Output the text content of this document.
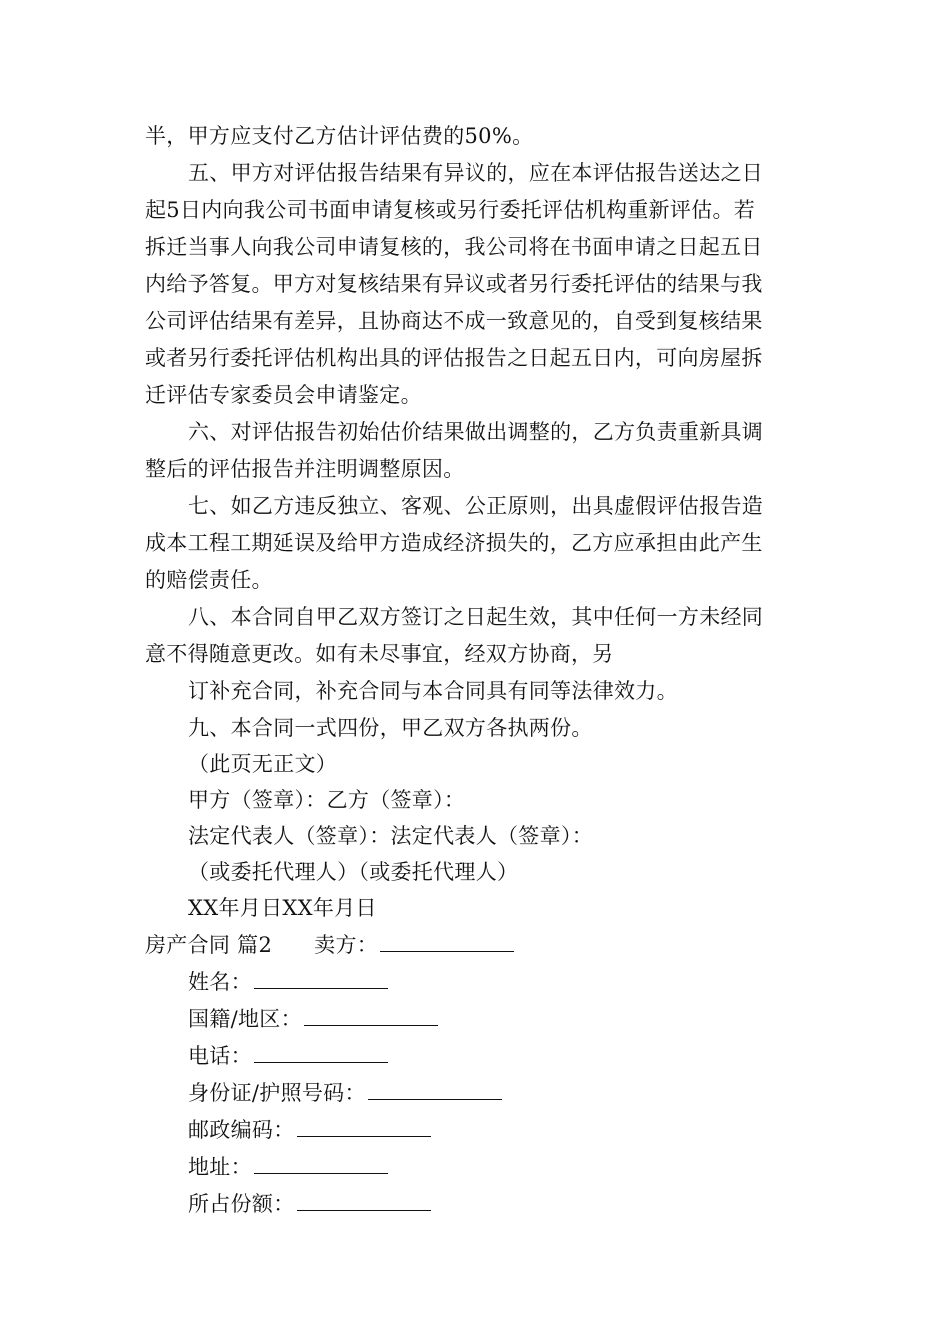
半，甲方应支付乙方估计评估费的50%。
五、甲方对评估报告结果有异议的，应在本评估报告送达之日
起5日内向我公司书面申请复核或另行委托评估机构重新评估。若
拆迁当事人向我公司申请复核的，我公司将在书面申请之日起五日
内给予答复。甲方对复核结果有异议或者另行委托评估的结果与我
公司评估结果有差异，且协商达不成一致意见的，自受到复核结果
或者另行委托评估机构出具的评估报告之日起五日内，可向房屋拆
迁评估专家委员会申请鉴定。
六、对评估报告初始估价结果做出调整的，乙方负责重新具调
整后的评估报告并注明调整原因。
七、如乙方违反独立、客观、公正原则，出具虚假评估报告造
成本工程工期延误及给甲方造成经济损失的，乙方应承担由此产生
的赔偿责任。
八、本合同自甲乙双方签订之日起生效，其中任何一方未经同
意不得随意更改。如有未尽事宜，经双方协商，另
订补充合同，补充合同与本合同具有同等法律效力。
九、本合同一式四份，甲乙双方各执两份。
（此页无正文）
甲方（签章）：乙方（签章）：
法定代表人（签章）：法定代表人（签章）：
（或委托代理人）（或委托代理人）
XX年月日XX年月日
房产合同 篇2 卖方：
姓名：
国籍/地区：
电话：
身份证/护照号码：
邮政编码：
地址：
所占份额：
